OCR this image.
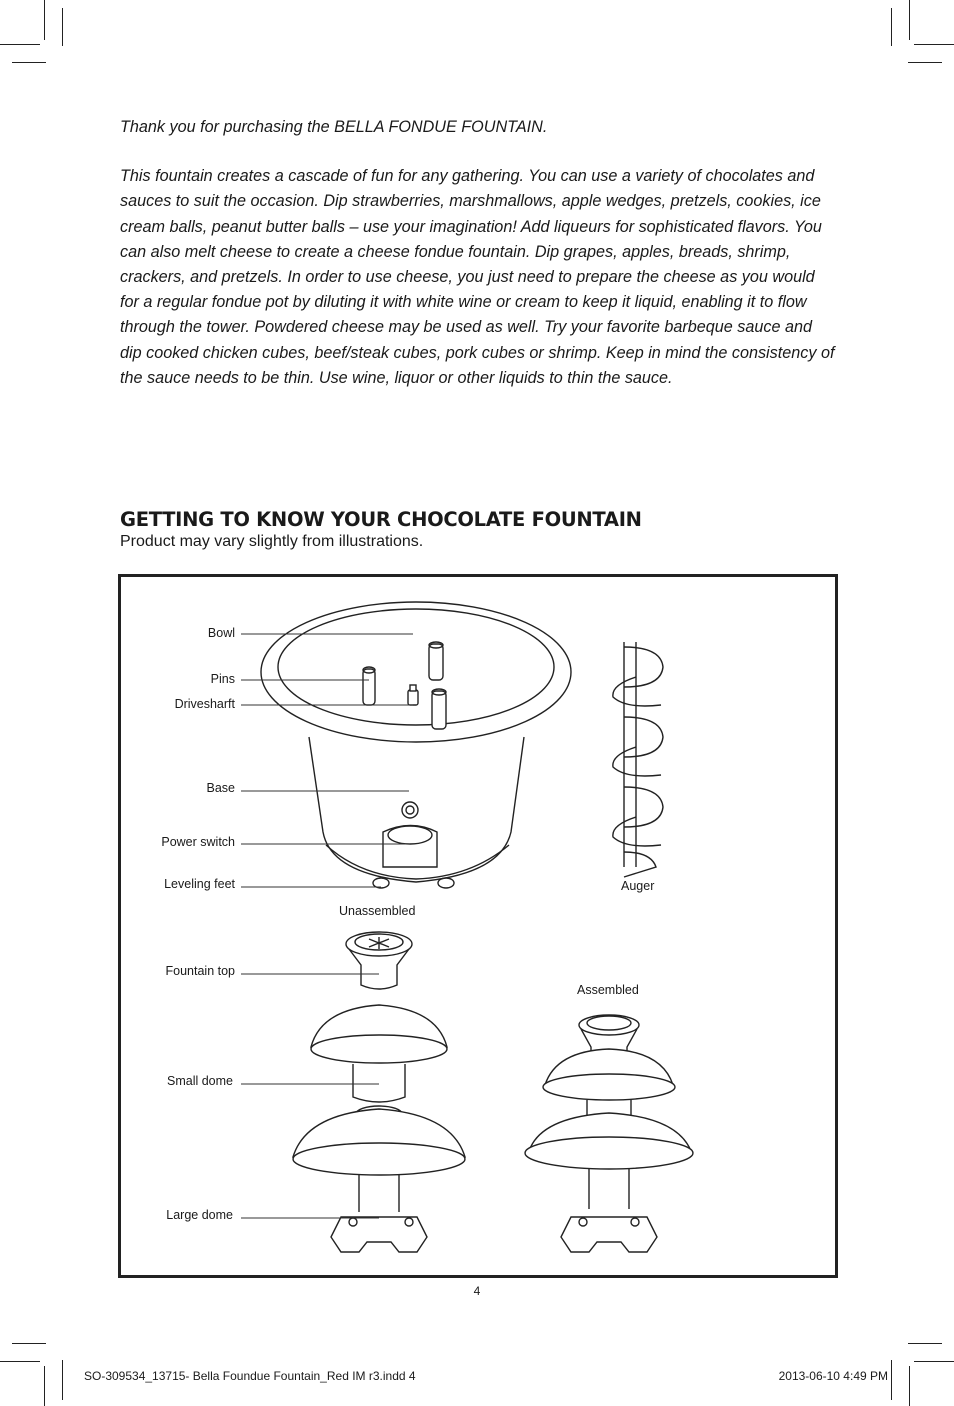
Thank you for purchasing the BELLA FONDUE FOUNTAIN.

This fountain creates a cascade of fun for any gathering. You can use a variety of chocolates and sauces to suit the occasion. Dip strawberries, marshmallows, apple wedges, pretzels, cookies, ice cream balls, peanut butter balls – use your imagination! Add liqueurs for sophisticated flavors. You can also melt cheese to create a cheese fondue fountain. Dip grapes, apples, breads, shrimp, crackers, and pretzels. In order to use cheese, you just need to prepare the cheese as you would for a regular fondue pot by diluting it with white wine or cream to keep it liquid, enabling it to flow through the tower. Powdered cheese may be used as well. Try your favorite barbeque sauce and dip cooked chicken cubes, beef/steak cubes, pork cubes or shrimp. Keep in mind the consistency of the sauce needs to be thin. Use wine, liquor or other liquids to thin the sauce.

GETTING TO KNOW YOUR CHOCOLATE FOUNTAIN
Product may vary slightly from illustrations.
Bowl
Pins
Drivesharft
Base
Power switch
Leveling feet	Auger
Unassembled
Fountain top
Assembled
Small dome
Large dome
4
SO-309534_13715- Bella Foundue Fountain_Red IM r3.indd 4	2013-06-10 4:49 PM
